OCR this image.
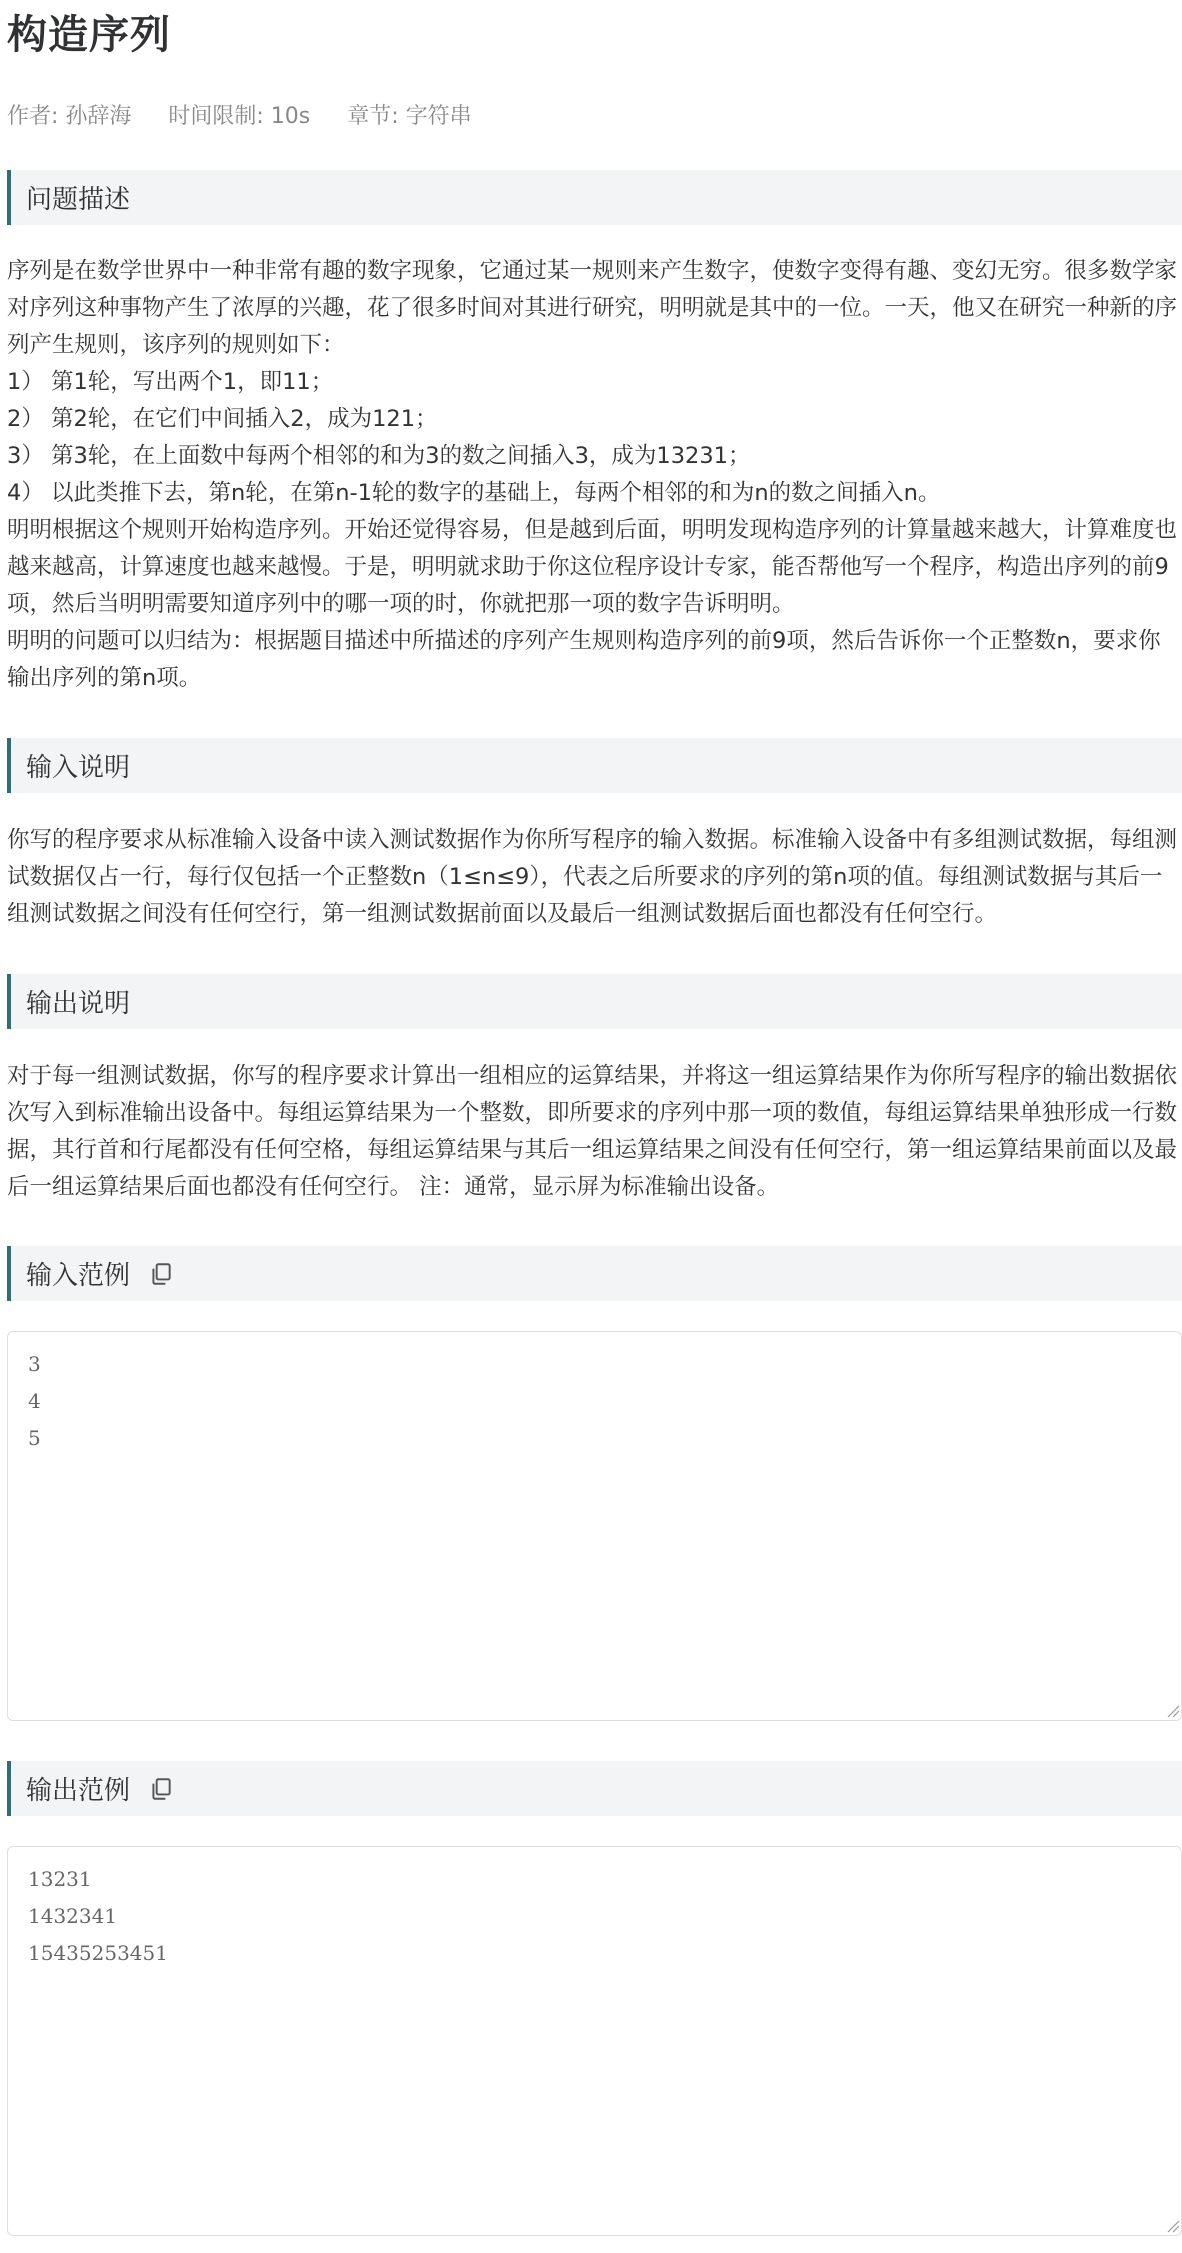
构造序列
作者: 孙辞海 时间限制: 10s 章节: 字符串
问题描述

序列是在数学世界中一种非常有趣的数字现象，它通过某一规则来产生数字，使数字变得有趣、变幻无穷。很多数学家对序列这种事物产生了浓厚的兴趣，花了很多时间对其进行研究，明明就是其中的一位。一天，他又在研究一种新的序列产生规则，该序列的规则如下：

1） 第1轮，写出两个1，即11；

2） 第2轮，在它们中间插入2，成为121；

3） 第3轮，在上面数中每两个相邻的和为3的数之间插入3，成为13231；

4） 以此类推下去，第n轮，在第n-1轮的数字的基础上，每两个相邻的和为n的数之间插入n。

明明根据这个规则开始构造序列。开始还觉得容易，但是越到后面，明明发现构造序列的计算量越来越大，计算难度也越来越高，计算速度也越来越慢。于是，明明就求助于你这位程序设计专家，能否帮他写一个程序，构造出序列的前9项，然后当明明需要知道序列中的哪一项的时，你就把那一项的数字告诉明明。

明明的问题可以归结为：根据题目描述中所描述的序列产生规则构造序列的前9项，然后告诉你一个正整数n，要求你输出序列的第n项。

输入说明

你写的程序要求从标准输入设备中读入测试数据作为你所写程序的输入数据。标准输入设备中有多组测试数据，每组测试数据仅占一行，每行仅包括一个正整数n（1≤n≤9），代表之后所要求的序列的第n项的值。每组测试数据与其后一组测试数据之间没有任何空行，第一组测试数据前面以及最后一组测试数据后面也都没有任何空行。

输出说明

对于每一组测试数据，你写的程序要求计算出一组相应的运算结果，并将这一组运算结果作为你所写程序的输出数据依次写入到标准输出设备中。每组运算结果为一个整数，即所要求的序列中那一项的数值，每组运算结果单独形成一行数据，其行首和行尾都没有任何空格，每组运算结果与其后一组运算结果之间没有任何空行，第一组运算结果前面以及最后一组运算结果后面也都没有任何空行。 注：通常，显示屏为标准输出设备。

输入范例
3 4 5
输出范例
13231 1432341 15435253451
